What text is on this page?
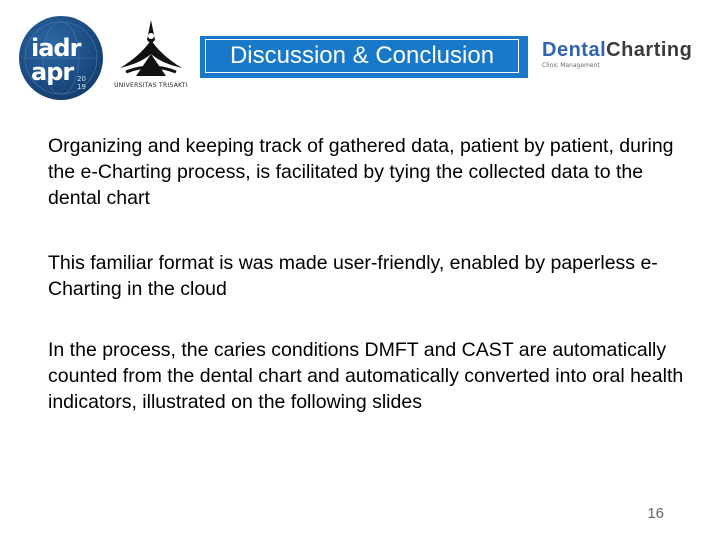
iadr
apr 20
19	UNIVERSITAS TRISAKTI
Discussion & Conclusion	DentalCharting
Clinic Management
Organizing and keeping track of gathered data, patient by patient, during the e-Charting process, is facilitated by tying the collected data to the dental chart
This familiar format is was made user-friendly, enabled by paperless e-Charting in the cloud
In the process, the caries conditions DMFT and CAST are automatically counted from the dental chart and automatically converted into oral health indicators, illustrated on the following slides
16
